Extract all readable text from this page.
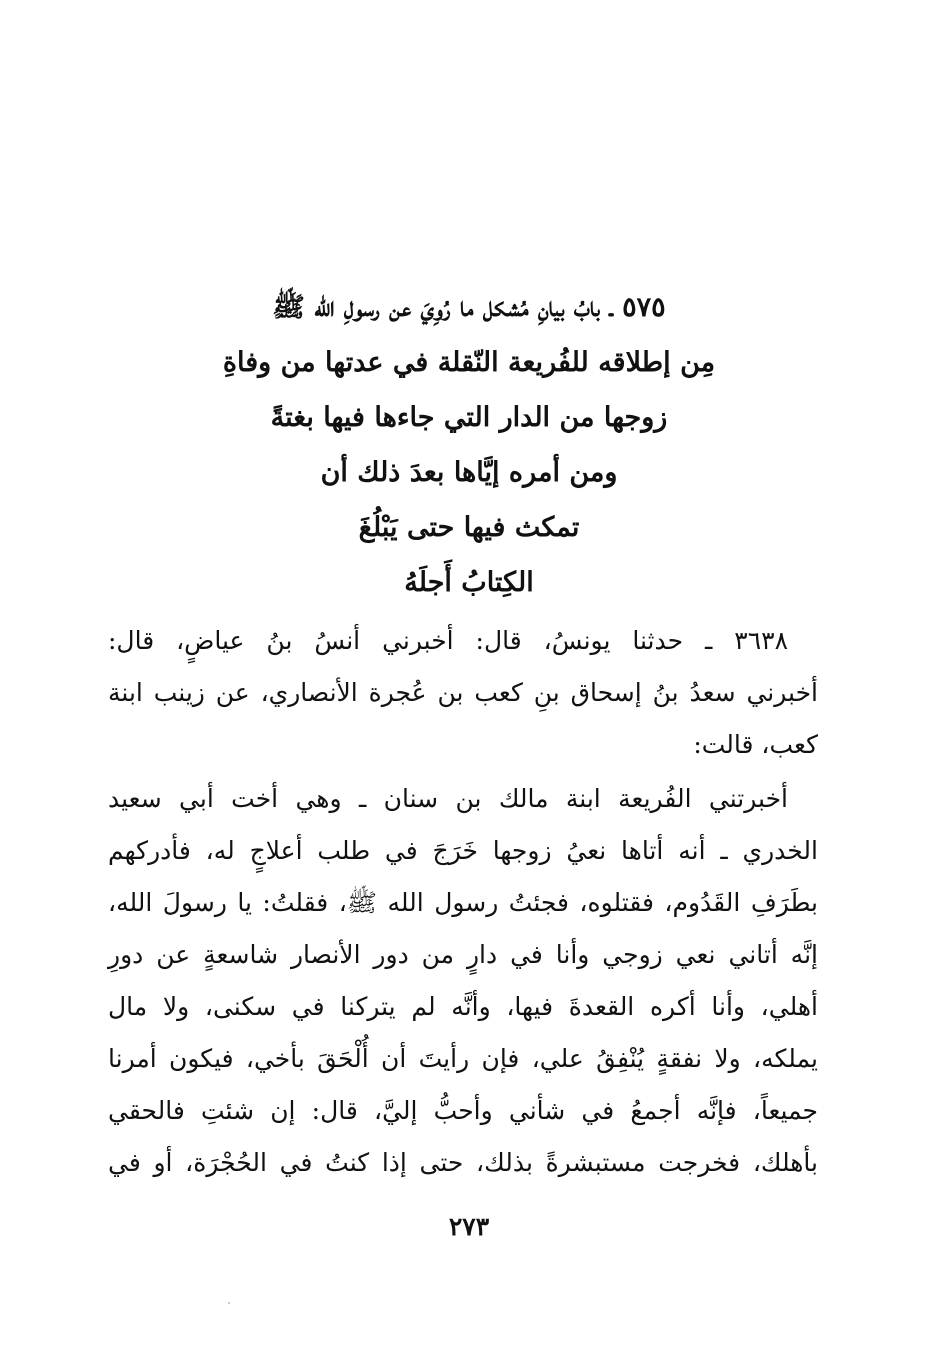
٥٧٥ ـ بابُ بيانِ مُشكل ما رُوِيَ عن رسولِ الله ﷺ
مِن إطلاقه للفُريعة النّقلة في عدتها من وفاةِ
زوجها من الدار التي جاءها فيها بغتةً
ومن أمره إيَّاها بعدَ ذلك أن
تمكث فيها حتى يَبْلُغَ
الكِتابُ أَجلَهُ
٣٦٣٨ ـ حدثنا يونسُ، قال: أخبرني أنسُ بنُ عياضٍ، قال:
أخبرني سعدُ بنُ إسحاق بنِ كعب بن عُجرة الأنصاري، عن زينب ابنة
كعب، قالت:
أخبرتني الفُريعة ابنة مالك بن سنان ـ وهي أخت أبي سعيد
الخدري ـ أنه أتاها نعيُ زوجها خَرَجَ في طلب أعلاجٍ له، فأدركهم
بطَرَفِ القَدُوم، فقتلوه، فجئتُ رسول الله ﷺ، فقلتُ: يا رسولَ الله،
إنَّه أتاني نعي زوجي وأنا في دارٍ من دور الأنصار شاسعةٍ عن دورِ
أهلي، وأنا أكره القعدةَ فيها، وأنَّه لم يتركنا في سكنى، ولا مال
يملكه، ولا نفقةٍ يُنْفِقُ علي، فإن رأيتَ أن أُلْحَقَ بأخي، فيكون أمرنا
جميعاً، فإنَّه أجمعُ في شأني وأحبُّ إليَّ، قال: إن شئتِ فالحقي
بأهلك، فخرجت مستبشرةً بذلك، حتى إذا كنتُ في الحُجْرَة، أو في
٢٧٣
